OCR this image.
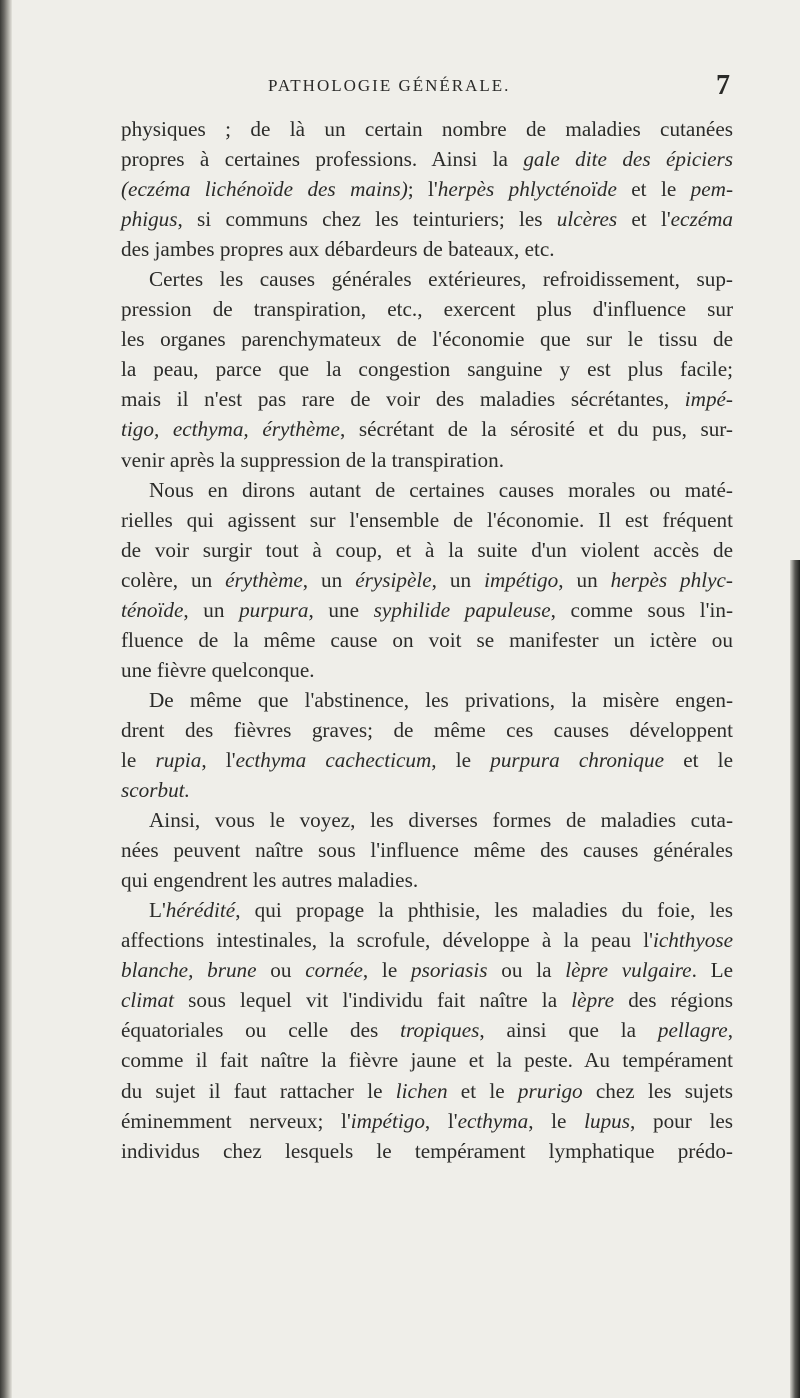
PATHOLOGIE GÉNÉRALE.	7
physiques ; de là un certain nombre de maladies cutanées
propres à certaines professions. Ainsi la gale dite des épiciers
(eczéma lichénoïde des mains); l'herpès phlycténoïde et le pem-
phigus, si communs chez les teinturiers; les ulcères et l'eczéma
des jambes propres aux débardeurs de bateaux, etc.
Certes les causes générales extérieures, refroidissement, sup-
pression de transpiration, etc., exercent plus d'influence sur
les organes parenchymateux de l'économie que sur le tissu de
la peau, parce que la congestion sanguine y est plus facile;
mais il n'est pas rare de voir des maladies sécrétantes, impé-
tigo, ecthyma, érythème, sécrétant de la sérosité et du pus, sur-
venir après la suppression de la transpiration.
Nous en dirons autant de certaines causes morales ou maté-
rielles qui agissent sur l'ensemble de l'économie. Il est fréquent
de voir surgir tout à coup, et à la suite d'un violent accès de
colère, un érythème, un érysipèle, un impétigo, un herpès phlyc-
ténoïde, un purpura, une syphilide papuleuse, comme sous l'in-
fluence de la même cause on voit se manifester un ictère ou
une fièvre quelconque.
De même que l'abstinence, les privations, la misère engen-
drent des fièvres graves; de même ces causes développent
le rupia, l'ecthyma cachecticum, le purpura chronique et le
scorbut.
Ainsi, vous le voyez, les diverses formes de maladies cuta-
nées peuvent naître sous l'influence même des causes générales
qui engendrent les autres maladies.
L'hérédité, qui propage la phthisie, les maladies du foie, les
affections intestinales, la scrofule, développe à la peau l'ichthyose
blanche, brune ou cornée, le psoriasis ou la lèpre vulgaire. Le
climat sous lequel vit l'individu fait naître la lèpre des régions
équatoriales ou celle des tropiques, ainsi que la pellagre,
comme il fait naître la fièvre jaune et la peste. Au tempérament
du sujet il faut rattacher le lichen et le prurigo chez les sujets
éminemment nerveux; l'impétigo, l'ecthyma, le lupus, pour les
individus chez lesquels le tempérament lymphatique prédo-
